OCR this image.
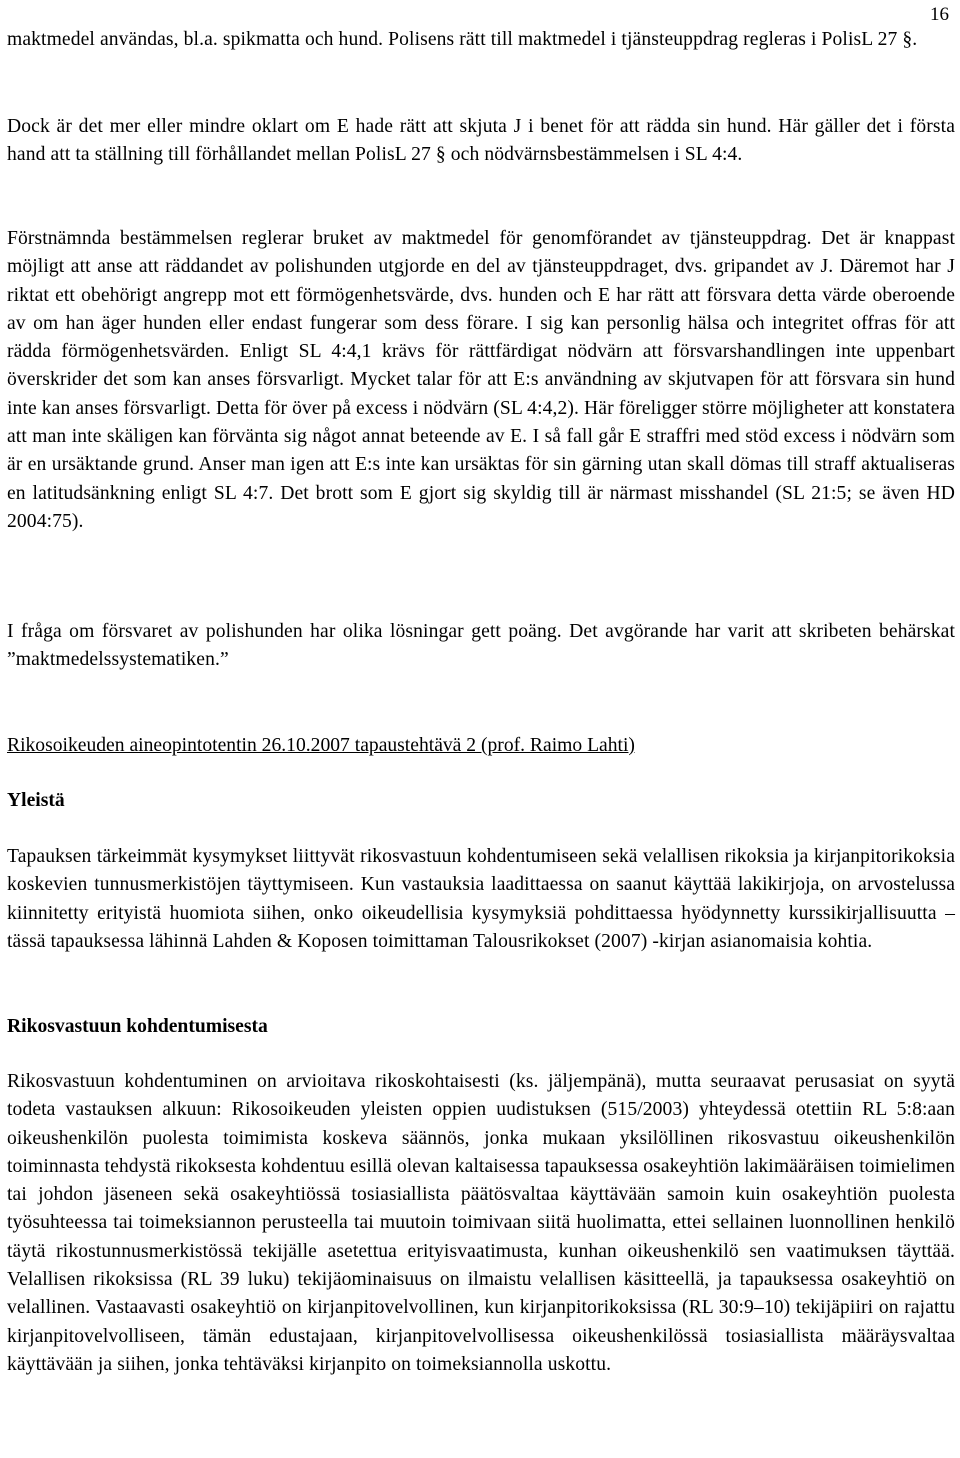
16

maktmedel användas, bl.a. spikmatta och hund. Polisens rätt till maktmedel i tjänsteuppdrag regleras i PolisL 27 §.

Dock är det mer eller mindre oklart om E hade rätt att skjuta J i benet för att rädda sin hund. Här gäller det i första hand att ta ställning till förhållandet mellan PolisL 27 § och nödvärnsbestämmelsen i SL 4:4.

Förstnämnda bestämmelsen reglerar bruket av maktmedel för genomförandet av tjänsteuppdrag. Det är knappast möjligt att anse att räddandet av polishunden utgjorde en del av tjänsteuppdraget, dvs. gripandet av J. Däremot har J riktat ett obehörigt angrepp mot ett förmögenhetsvärde, dvs. hunden och E har rätt att försvara detta värde oberoende av om han äger hunden eller endast fungerar som dess förare. I sig kan personlig hälsa och integritet offras för att rädda förmögenhetsvärden. Enligt SL 4:4,1 krävs för rättfärdigat nödvärn att försvarshandlingen inte uppenbart överskrider det som kan anses försvarligt. Mycket talar för att E:s användning av skjutvapen för att försvara sin hund inte kan anses försvarligt. Detta för över på excess i nödvärn (SL 4:4,2). Här föreligger större möjligheter att konstatera att man inte skäligen kan förvänta sig något annat beteende av E. I så fall går E straffri med stöd excess i nödvärn som är en ursäktande grund. Anser man igen att E:s inte kan ursäktas för sin gärning utan skall dömas till straff aktualiseras en latitudsänkning enligt SL 4:7. Det brott som E gjort sig skyldig till är närmast misshandel (SL 21:5; se även HD 2004:75).

I fråga om försvaret av polishunden har olika lösningar gett poäng. Det avgörande har varit att skribeten behärskat ”maktmedelssystematiken.”

Rikosoikeuden aineopintotentin 26.10.2007 tapaustehtävä 2 (prof. Raimo Lahti)
Yleistä

Tapauksen tärkeimmät kysymykset liittyvät rikosvastuun kohdentumiseen sekä velallisen rikoksia ja kirjanpitorikoksia koskevien tunnusmerkistöjen täyttymiseen. Kun vastauksia laadittaessa on saanut käyttää lakikirjoja, on arvostelussa kiinnitetty erityistä huomiota siihen, onko oikeudellisia kysymyksiä pohdittaessa hyödynnetty kurssikirjallisuutta – tässä tapauksessa lähinnä Lahden & Koposen toimittaman Talousrikokset (2007) -kirjan asianomaisia kohtia.

Rikosvastuun kohdentumisesta

Rikosvastuun kohdentuminen on arvioitava rikoskohtaisesti (ks. jäljempänä), mutta seuraavat perusasiat on syytä todeta vastauksen alkuun: Rikosoikeuden yleisten oppien uudistuksen (515/2003) yhteydessä otettiin RL 5:8:aan oikeushenkilön puolesta toimimista koskeva säännös, jonka mukaan yksilöllinen rikosvastuu oikeushenkilön toiminnasta tehdystä rikoksesta kohdentuu esillä olevan kaltaisessa tapauksessa osakeyhtiön lakimääräisen toimielimen tai johdon jäseneen sekä osakeyhtiössä tosiasiallista päätösvaltaa käyttävään samoin kuin osakeyhtiön puolesta työsuhteessa tai toimeksiannon perusteella tai muutoin toimivaan siitä huolimatta, ettei sellainen luonnollinen henkilö täytä rikostunnusmerkistössä tekijälle asetettua erityisvaatimusta, kunhan oikeushenkilö sen vaatimuksen täyttää. Velallisen rikoksissa (RL 39 luku) tekijäominaisuus on ilmaistu velallisen käsitteellä, ja tapauksessa osakeyhtiö on velallinen. Vastaavasti osakeyhtiö on kirjanpitovelvollinen, kun kirjanpitorikoksissa (RL 30:9–10) tekijäpiiri on rajattu kirjanpitovelvolliseen, tämän edustajaan, kirjanpitovelvollisessa oikeushenkilössä tosiasiallista määräysvaltaa käyttävään ja siihen, jonka tehtäväksi kirjanpito on toimeksiannolla uskottu.
